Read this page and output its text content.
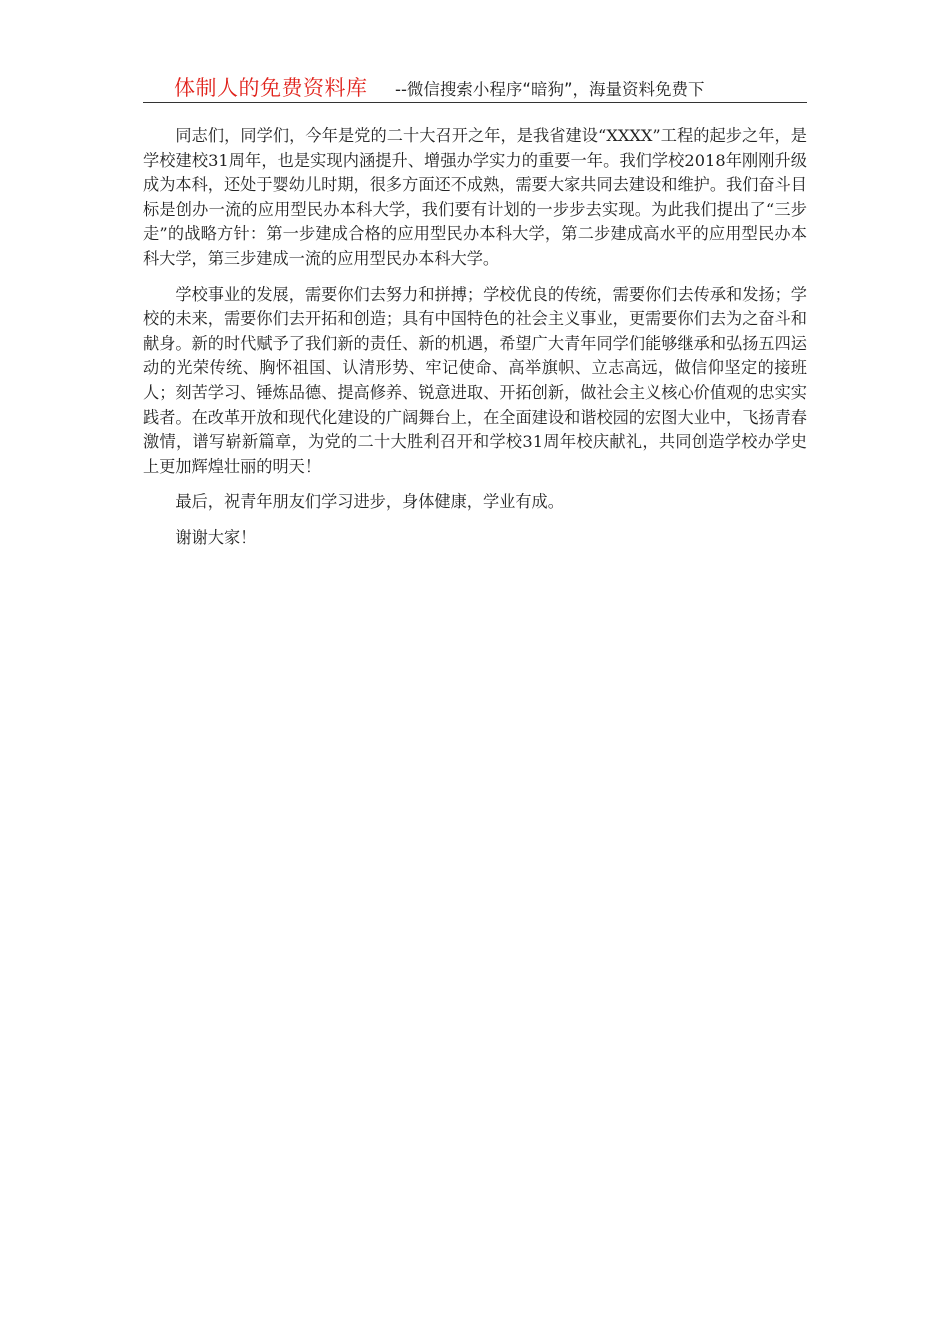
体制人的免费资料库 --微信搜索小程序“暗狗”，海量资料免费下

同志们，同学们，今年是党的二十大召开之年，是我省建设“XXXX”工程的起步之年，是学校建校31周年，也是实现内涵提升、增强办学实力的重要一年。我们学校2018年刚刚升级成为本科，还处于婴幼儿时期，很多方面还不成熟，需要大家共同去建设和维护。我们奋斗目标是创办一流的应用型民办本科大学，我们要有计划的一步步去实现。为此我们提出了“三步走”的战略方针：第一步建成合格的应用型民办本科大学，第二步建成高水平的应用型民办本科大学，第三步建成一流的应用型民办本科大学。

学校事业的发展，需要你们去努力和拼搏；学校优良的传统，需要你们去传承和发扬；学校的未来，需要你们去开拓和创造；具有中国特色的社会主义事业，更需要你们去为之奋斗和献身。新的时代赋予了我们新的责任、新的机遇，希望广大青年同学们能够继承和弘扬五四运动的光荣传统、胸怀祖国、认清形势、牢记使命、高举旗帜、立志高远，做信仰坚定的接班人；刻苦学习、锤炼品德、提高修养、锐意进取、开拓创新，做社会主义核心价值观的忠实实践者。在改革开放和现代化建设的广阔舞台上，在全面建设和谐校园的宏图大业中，飞扬青春激情，谱写崭新篇章，为党的二十大胜利召开和学校31周年校庆献礼，共同创造学校办学史上更加辉煌壮丽的明天！

最后，祝青年朋友们学习进步，身体健康，学业有成。

谢谢大家！
